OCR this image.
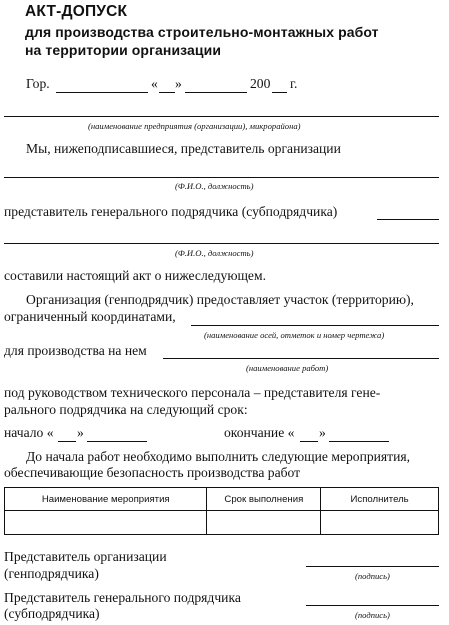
АКТ-ДОПУСК
для производства строительно-монтажных работ
на территории организации
Гор.	« »	200 г.
(наименование предприятия (организации), микрорайона)
Мы, нижеподписавшиеся, представитель организации
(Ф.И.О., должность)
представитель генерального подрядчика (субподрядчика)
(Ф.И.О., должность)
составили настоящий акт о нижеследующем.
Организация (генподрядчик) предоставляет участок (территорию),
ограниченный координатами,
(наименование осей, отметок и номер чертежа)
для производства на нем
(наименование работ)
под руководством технического персонала – представителя гене-
рального подрядчика на следующий срок:
начало « »	окончание « »
До начала работ необходимо выполнить следующие мероприятия,
обеспечивающие безопасность производства работ
Наименование мероприятия	Срок выполнения	Исполнитель

Представитель организации
(генподрядчика)	(подпись)
Представитель генерального подрядчика
(субподрядчика)	(подпись)
